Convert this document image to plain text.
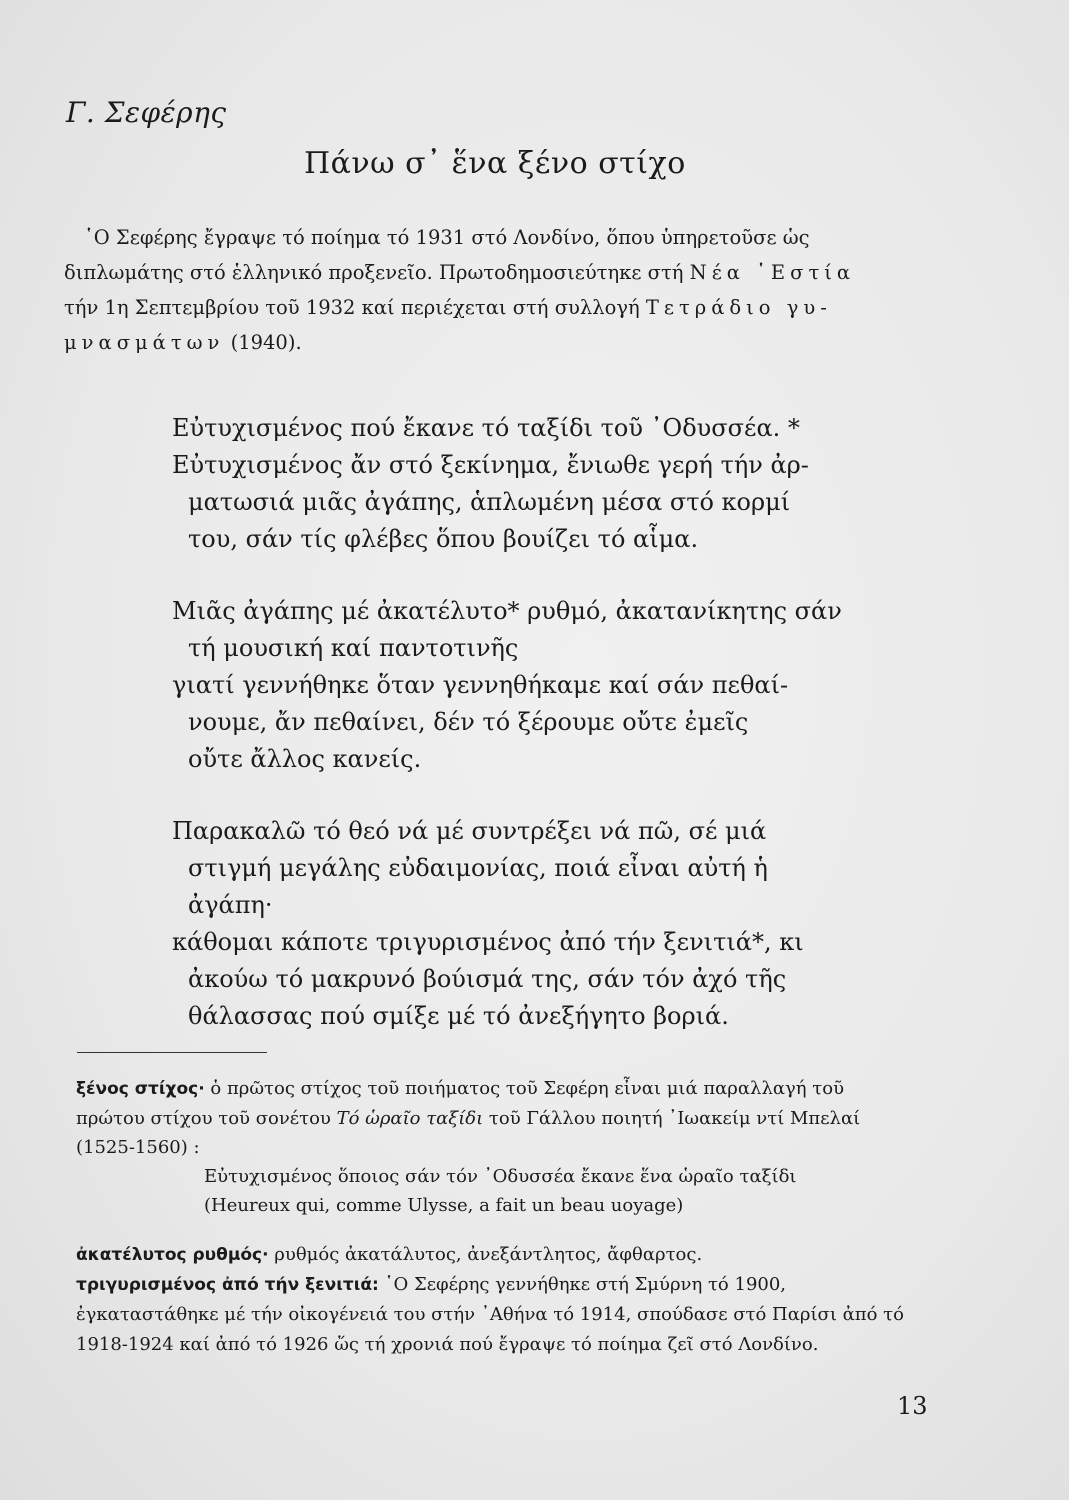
Γ. Σεφέρης
Πάνω σ᾿ ἕνα ξένο στίχο
῾Ο Σεφέρης ἔγραψε τό ποίημα τό 1931 στό Λονδίνο, ὅπου ὑπηρετοῦσε ὡς
διπλωμάτης στό ἑλληνικό προξενεῖο. Πρωτοδημοσιεύτηκε στή Νέα ῾Εστία
τήν 1η Σεπτεμβρίου τοῦ 1932 καί περιέχεται στή συλλογή Τετράδιο γυ-
μνασμάτων (1940).
Εὐτυχισμένος πού ἔκανε τό ταξίδι τοῦ ᾿Οδυσσέα. *
Εὐτυχισμένος ἄν στό ξεκίνημα, ἔνιωθε γερή τήν ἀρ-
ματωσιά μιᾶς ἀγάπης, ἁπλωμένη μέσα στό κορμί
του, σάν τίς φλέβες ὅπου βουίζει τό αἷμα.
Μιᾶς ἀγάπης μέ ἀκατέλυτο* ρυθμό, ἀκατανίκητης σάν
τή μουσική καί παντοτινῆς
γιατί γεννήθηκε ὅταν γεννηθήκαμε καί σάν πεθαί-
νουμε, ἄν πεθαίνει, δέν τό ξέρουμε οὔτε ἐμεῖς
οὔτε ἄλλος κανείς.
Παρακαλῶ τό θεό νά μέ συντρέξει νά πῶ, σέ μιά
στιγμή μεγάλης εὐδαιμονίας, ποιά εἶναι αὐτή ἡ
ἀγάπη·
κάθομαι κάποτε τριγυρισμένος ἀπό τήν ξενιτιά*, κι
ἀκούω τό μακρυνό βούισμά της, σάν τόν ἀχό τῆς
θάλασσας πού σμίξε μέ τό ἀνεξήγητο βοριά.
ξένος στίχος· ὁ πρῶτος στίχος τοῦ ποιήματος τοῦ Σεφέρη εἶναι μιά παραλλαγή τοῦ
πρώτου στίχου τοῦ σονέτου Τό ὡραῖο ταξίδι τοῦ Γάλλου ποιητή ᾿Ιωακείμ ντί Μπελαί
(1525-1560) :
Εὐτυχισμένος ὅποιος σάν τόν ᾿Οδυσσέα ἔκανε ἕνα ὡραῖο ταξίδι
(Heureux qui, comme Ulysse, a fait un beau uoyage)
ἀκατέλυτος ρυθμός· ρυθμός ἀκατάλυτος, ἀνεξάντλητος, ἄφθαρτος.
τριγυρισμένος ἀπό τήν ξενιτιά: ῾Ο Σεφέρης γεννήθηκε στή Σμύρνη τό 1900,
ἐγκαταστάθηκε μέ τήν οἰκογένειά του στήν ᾿Αθήνα τό 1914, σπούδασε στό Παρίσι ἀπό τό
1918-1924 καί ἀπό τό 1926 ὥς τή χρονιά πού ἔγραψε τό ποίημα ζεῖ στό Λονδίνο.
13
